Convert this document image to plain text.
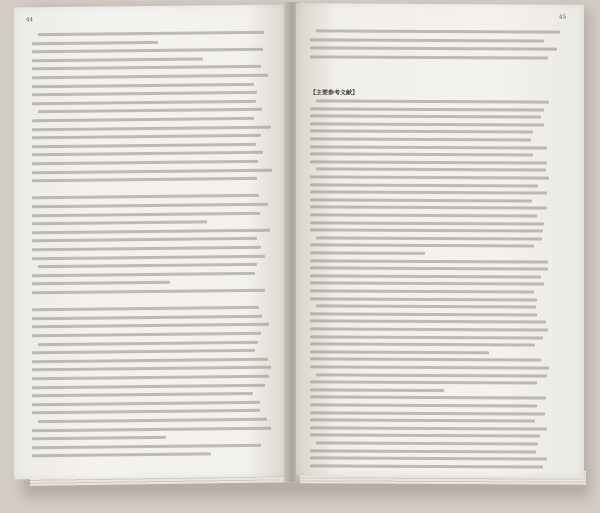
44	45
【主要参考文献】
